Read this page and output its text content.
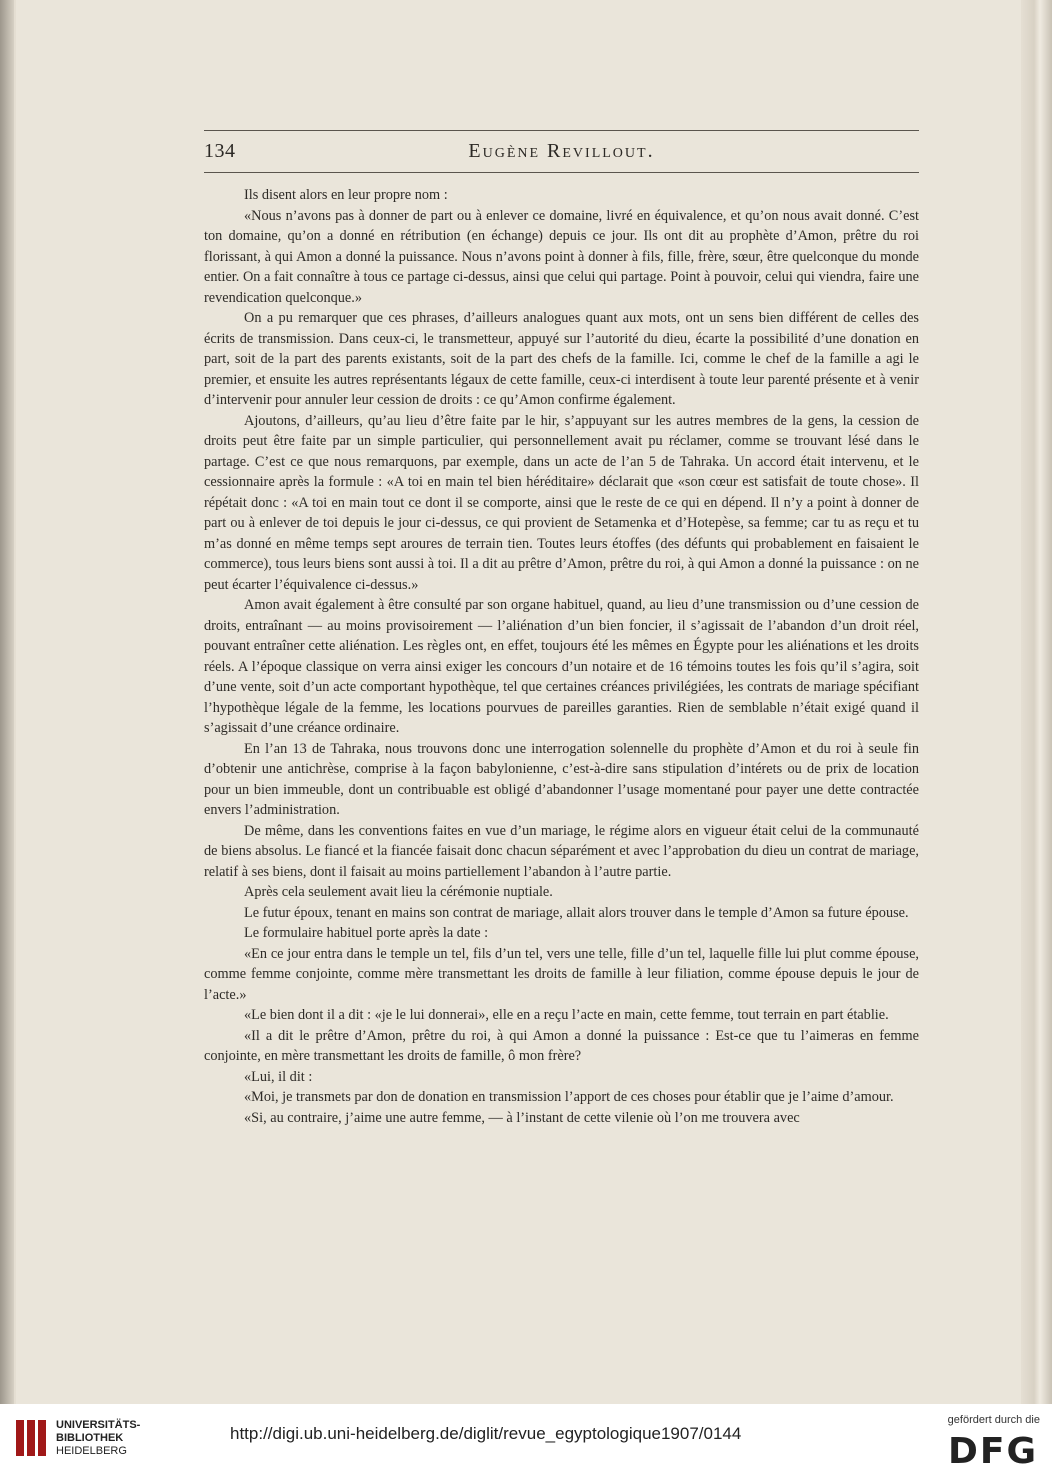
134	Eugène Revillout.

Ils disent alors en leur propre nom :

«Nous n’avons pas à donner de part ou à enlever ce domaine, livré en équivalence, et qu’on nous avait donné. C’est ton domaine, qu’on a donné en rétribution (en échange) depuis ce jour. Ils ont dit au prophète d’Amon, prêtre du roi florissant, à qui Amon a donné la puissance. Nous n’avons point à donner à fils, fille, frère, sœur, être quelconque du monde entier. On a fait connaître à tous ce partage ci-dessus, ainsi que celui qui partage. Point à pouvoir, celui qui viendra, faire une revendication quelconque.»

On a pu remarquer que ces phrases, d’ailleurs analogues quant aux mots, ont un sens bien différent de celles des écrits de transmission. Dans ceux-ci, le transmetteur, appuyé sur l’autorité du dieu, écarte la possibilité d’une donation en part, soit de la part des parents existants, soit de la part des chefs de la famille. Ici, comme le chef de la famille a agi le premier, et ensuite les autres représentants légaux de cette famille, ceux-ci interdisent à toute leur parenté présente et à venir d’intervenir pour annuler leur cession de droits : ce qu’Amon confirme également.

Ajoutons, d’ailleurs, qu’au lieu d’être faite par le hir, s’appuyant sur les autres membres de la gens, la cession de droits peut être faite par un simple particulier, qui personnellement avait pu réclamer, comme se trouvant lésé dans le partage. C’est ce que nous remarquons, par exemple, dans un acte de l’an 5 de Tahraka. Un accord était intervenu, et le cessionnaire après la formule : «A toi en main tel bien héréditaire» déclarait que «son cœur est satisfait de toute chose». Il répétait donc : «A toi en main tout ce dont il se comporte, ainsi que le reste de ce qui en dépend. Il n’y a point à donner de part ou à enlever de toi depuis le jour ci-dessus, ce qui provient de Setamenka et d’Hotepèse, sa femme; car tu as reçu et tu m’as donné en même temps sept aroures de terrain tien. Toutes leurs étoffes (des défunts qui probablement en faisaient le commerce), tous leurs biens sont aussi à toi. Il a dit au prêtre d’Amon, prêtre du roi, à qui Amon a donné la puissance : on ne peut écarter l’équivalence ci-dessus.»

Amon avait également à être consulté par son organe habituel, quand, au lieu d’une transmission ou d’une cession de droits, entraînant — au moins provisoirement — l’aliénation d’un bien foncier, il s’agissait de l’abandon d’un droit réel, pouvant entraîner cette aliénation. Les règles ont, en effet, toujours été les mêmes en Égypte pour les aliénations et les droits réels. A l’époque classique on verra ainsi exiger les concours d’un notaire et de 16 témoins toutes les fois qu’il s’agira, soit d’une vente, soit d’un acte comportant hypothèque, tel que certaines créances privilégiées, les contrats de mariage spécifiant l’hypothèque légale de la femme, les locations pourvues de pareilles garanties. Rien de semblable n’était exigé quand il s’agissait d’une créance ordinaire.

En l’an 13 de Tahraka, nous trouvons donc une interrogation solennelle du prophète d’Amon et du roi à seule fin d’obtenir une antichrèse, comprise à la façon babylonienne, c’est-à-dire sans stipulation d’intérets ou de prix de location pour un bien immeuble, dont un contribuable est obligé d’abandonner l’usage momentané pour payer une dette contractée envers l’administration.

De même, dans les conventions faites en vue d’un mariage, le régime alors en vigueur était celui de la communauté de biens absolus. Le fiancé et la fiancée faisait donc chacun séparément et avec l’approbation du dieu un contrat de mariage, relatif à ses biens, dont il faisait au moins partiellement l’abandon à l’autre partie.

Après cela seulement avait lieu la cérémonie nuptiale.

Le futur époux, tenant en mains son contrat de mariage, allait alors trouver dans le temple d’Amon sa future épouse.

Le formulaire habituel porte après la date :

«En ce jour entra dans le temple un tel, fils d’un tel, vers une telle, fille d’un tel, laquelle fille lui plut comme épouse, comme femme conjointe, comme mère transmettant les droits de famille à leur filiation, comme épouse depuis le jour de l’acte.»

«Le bien dont il a dit : «je le lui donnerai», elle en a reçu l’acte en main, cette femme, tout terrain en part établie.

«Il a dit le prêtre d’Amon, prêtre du roi, à qui Amon a donné la puissance : Est-ce que tu l’aimeras en femme conjointe, en mère transmettant les droits de famille, ô mon frère?

«Lui, il dit :

«Moi, je transmets par don de donation en transmission l’apport de ces choses pour établir que je l’aime d’amour.

«Si, au contraire, j’aime une autre femme, — à l’instant de cette vilenie où l’on me trouvera avec

UNIVERSITÄTS-
BIBLIOTHEK
HEIDELBERG
http://digi.ub.uni-heidelberg.de/diglit/revue_egyptologique1907/0144
gefördert durch die
DFG
